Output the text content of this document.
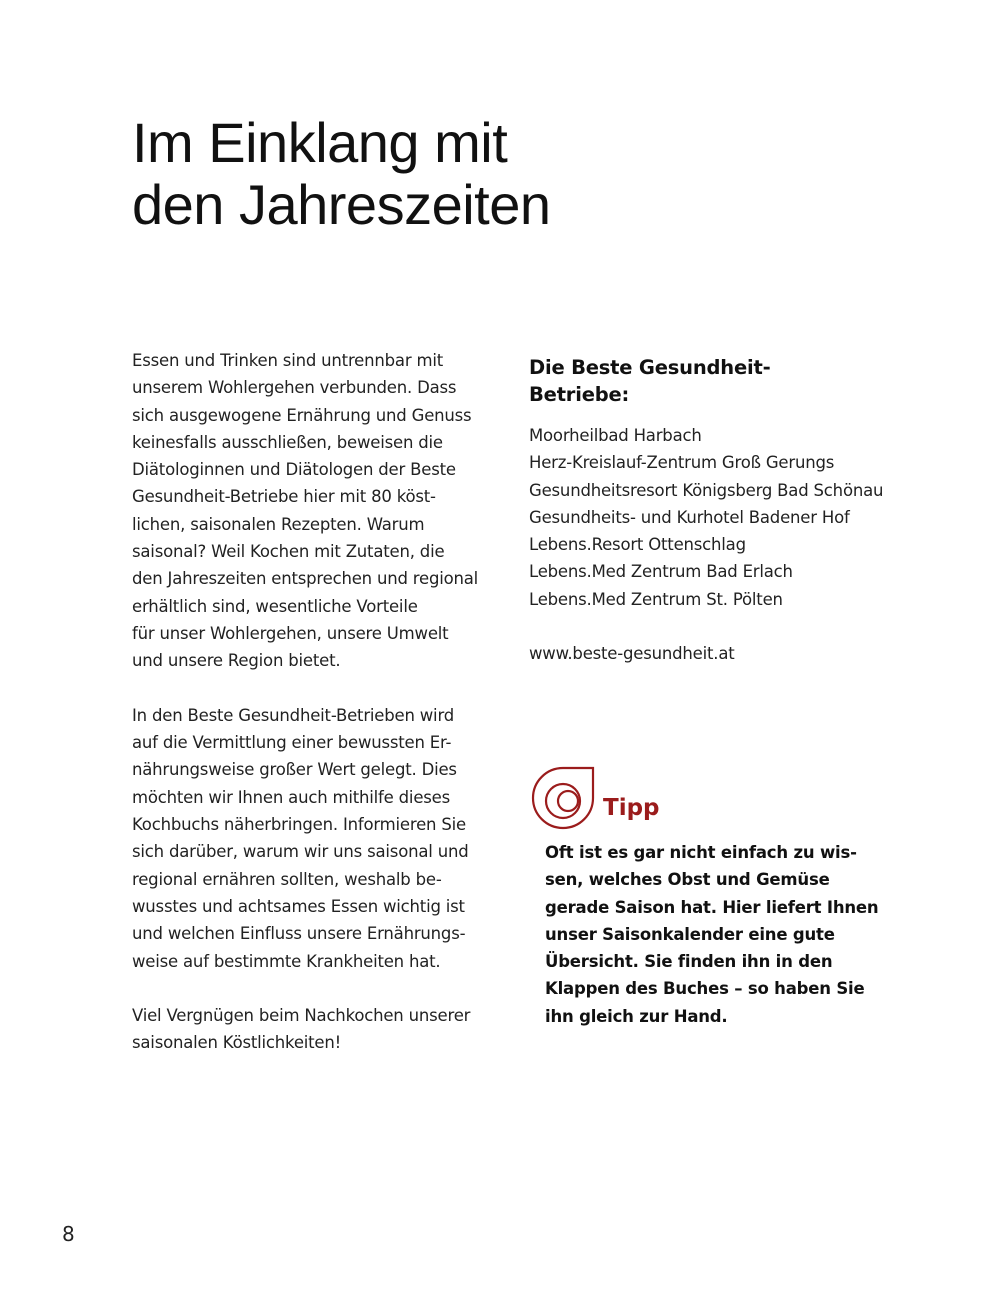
Im Einklang mit
den Jahreszeiten

Essen und Trinken sind untrennbar mit
unserem Wohlergehen verbunden. Dass
sich ausgewogene Ernährung und Genuss
keinesfalls ausschließen, beweisen die
Diätologinnen und Diätologen der Beste
Gesundheit-Betriebe hier mit 80 köst-
lichen, saisonalen Rezepten. Warum
saisonal? Weil Kochen mit Zutaten, die
den Jahreszeiten entsprechen und regional
erhältlich sind, wesentliche Vorteile
für unser Wohlergehen, unsere Umwelt
und unsere Region bietet.

In den Beste Gesundheit-Betrieben wird
auf die Vermittlung einer bewussten Er-
nährungsweise großer Wert gelegt. Dies
möchten wir Ihnen auch mithilfe dieses
Kochbuchs näherbringen. Informieren Sie
sich darüber, warum wir uns saisonal und
regional ernähren sollten, weshalb be-
wusstes und achtsames Essen wichtig ist
und welchen Einfluss unsere Ernährungs-
weise auf bestimmte Krankheiten hat.

Viel Vergnügen beim Nachkochen unserer
saisonalen Köstlichkeiten!

Die Beste Gesundheit-
Betriebe:
Moorheilbad Harbach
Herz-Kreislauf-Zentrum Groß Gerungs
Gesundheitsresort Königsberg Bad Schönau
Gesundheits- und Kurhotel Badener Hof
Lebens.Resort Ottenschlag
Lebens.Med Zentrum Bad Erlach
Lebens.Med Zentrum St. Pölten
www.beste-gesundheit.at
Tipp

Oft ist es gar nicht einfach zu wis-
sen, welches Obst und Gemüse
gerade Saison hat. Hier liefert Ihnen
unser Saisonkalender eine gute
Übersicht. Sie finden ihn in den
Klappen des Buches – so haben Sie
ihn gleich zur Hand.

8
